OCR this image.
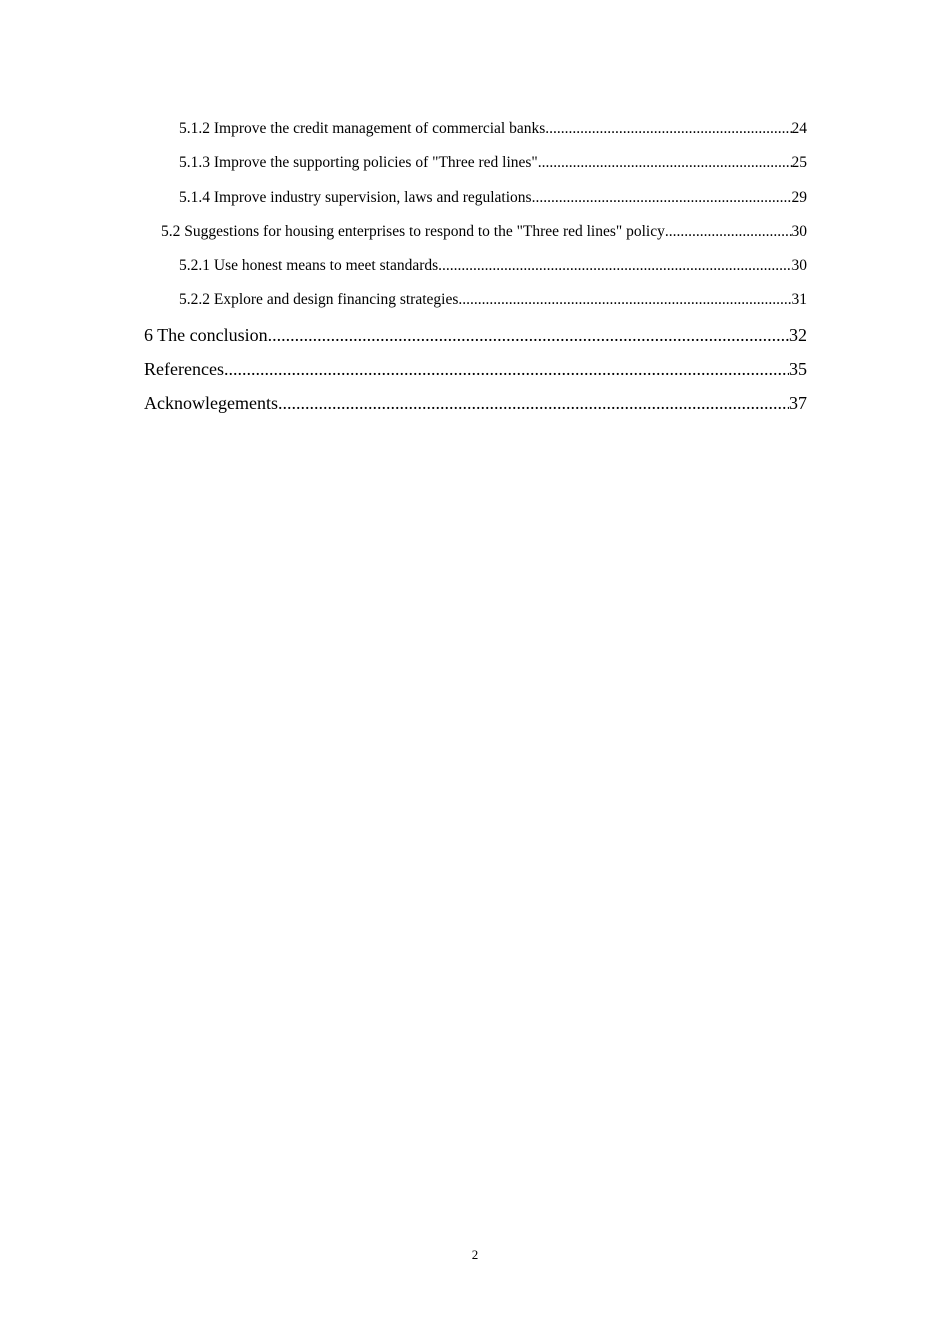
5.1.2 Improve the credit management of commercial banks .....	24
5.1.3 Improve the supporting policies of "Three red lines" .....	25
5.1.4 Improve industry supervision, laws and regulations .....	29
5.2 Suggestions for housing enterprises to respond to the "Three red lines" policy .....	30
5.2.1 Use honest means to meet standards .....	30
5.2.2 Explore and design financing strategies .....	31
6 The conclusion .....	32
References .....	35
Acknowlegements .....	37
2
